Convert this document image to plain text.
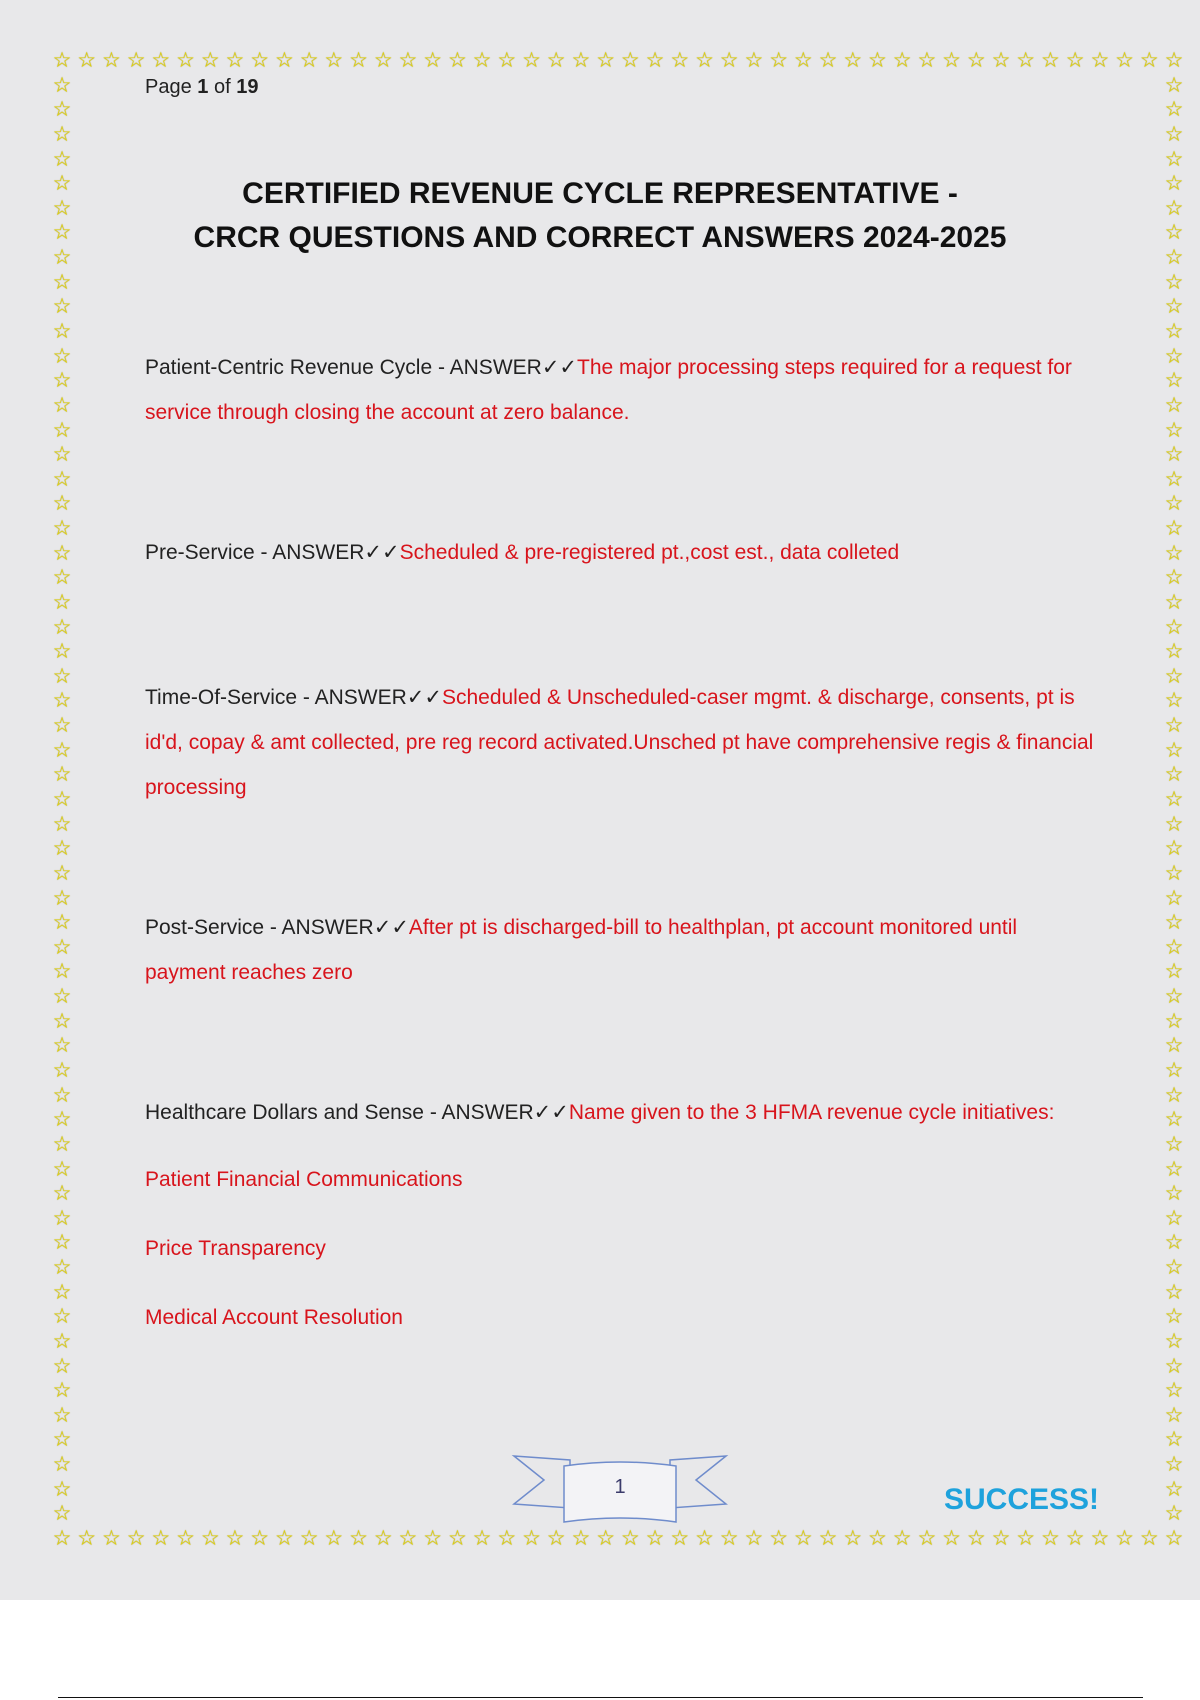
☆
☆
☆
☆
☆
☆
☆
☆
☆
☆
☆
☆
☆
☆
☆
☆
☆
☆
☆
☆
☆
☆
☆
☆
☆
☆
☆
☆
☆
☆
☆
☆
☆
☆
☆
☆
☆
☆
☆
☆
☆
☆
☆
☆
☆
☆
☆
☆
☆
☆
☆
☆
☆
☆
☆
☆
☆
☆
☆
☆
☆
☆
☆
☆
☆
☆
☆
☆
☆
☆
☆
☆
☆
☆
☆
☆
☆
☆
☆
☆
☆
☆
☆
☆
☆
☆
☆
☆
☆
☆
☆
☆
☆	☆
☆	☆
☆	☆
☆	☆
☆	☆
☆	☆
☆	☆
☆	☆
☆	☆
☆	☆
☆	☆
☆	☆
☆	☆
☆	☆
☆	☆
☆	☆
☆	☆
☆	☆
☆	☆
☆	☆
☆	☆
☆	☆
☆	☆
☆	☆
☆	☆
☆	☆
☆	☆
☆	☆
☆	☆
☆	☆
☆	☆
☆	☆
☆	☆
☆	☆
☆	☆
☆	☆
☆	☆
☆	☆
☆	☆
☆	☆
☆	☆
☆	☆
☆	☆
☆	☆
☆	☆
☆	☆
☆	☆
☆	☆
☆	☆
☆	☆
☆	☆
☆	☆
☆	☆
☆	☆
☆	☆
☆	☆
☆	☆
☆	☆
☆	☆
Page 1 of 19
CERTIFIED REVENUE CYCLE REPRESENTATIVE -
CRCR QUESTIONS AND CORRECT ANSWERS 2024-2025
Patient-Centric Revenue Cycle - ANSWER✓✓The major processing steps required for a request for service through closing the account at zero balance.
Pre-Service - ANSWER✓✓Scheduled & pre-registered pt.,cost est., data colleted
Time-Of-Service - ANSWER✓✓Scheduled & Unscheduled-caser mgmt. & discharge, consents, pt is id'd, copay & amt collected, pre reg record activated.Unsched pt have comprehensive regis & financial processing
Post-Service - ANSWER✓✓After pt is discharged-bill to healthplan, pt account monitored until payment reaches zero
Healthcare Dollars and Sense - ANSWER✓✓Name given to the 3 HFMA revenue cycle initiatives:
Patient Financial Communications
Price Transparency
Medical Account Resolution
1	SUCCESS!
